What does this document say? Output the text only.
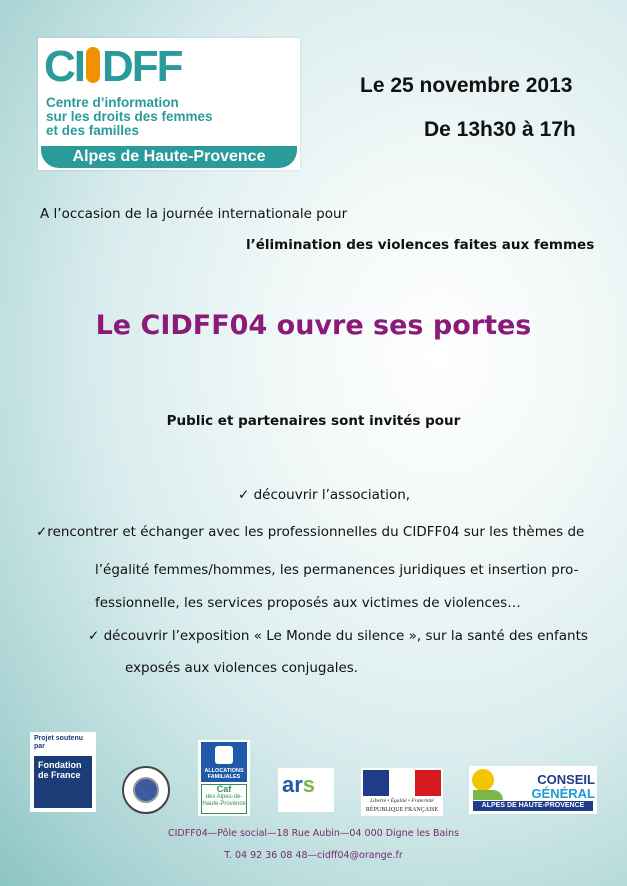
CI DFF
Centre d’information
sur les droits des femmes
et des familles
Alpes de Haute-Provence
Le 25 novembre 2013
De 13h30 à 17h
A l’occasion de la journée internationale pour
l’élimination des violences faites aux femmes
Le CIDFF04 ouvre ses portes
Public et partenaires sont invités pour
✓ découvrir l’association,
✓rencontrer et échanger avec les professionnelles du CIDFF04 sur les thèmes de
l’égalité femmes/hommes, les permanences juridiques et insertion pro-
fessionnelle, les services proposés aux victimes de violences…
✓ découvrir l’exposition « Le Monde du silence », sur la santé des enfants
exposés aux violences conjugales.
Projet soutenu par
Fondation de France	ALLOCATIONS FAMILIALES
Caf
des Alpes-de-Haute-Provence
ars
Liberté • Égalité • Fraternité
RÉPUBLIQUE FRANÇAISE
CONSEIL
GÉNÉRAL
ALPES DE HAUTE-PROVENCE
CIDFF04—Pôle social—18 Rue Aubin—04 000 Digne les Bains
T. 04 92 36 08 48—cidff04@orange.fr
